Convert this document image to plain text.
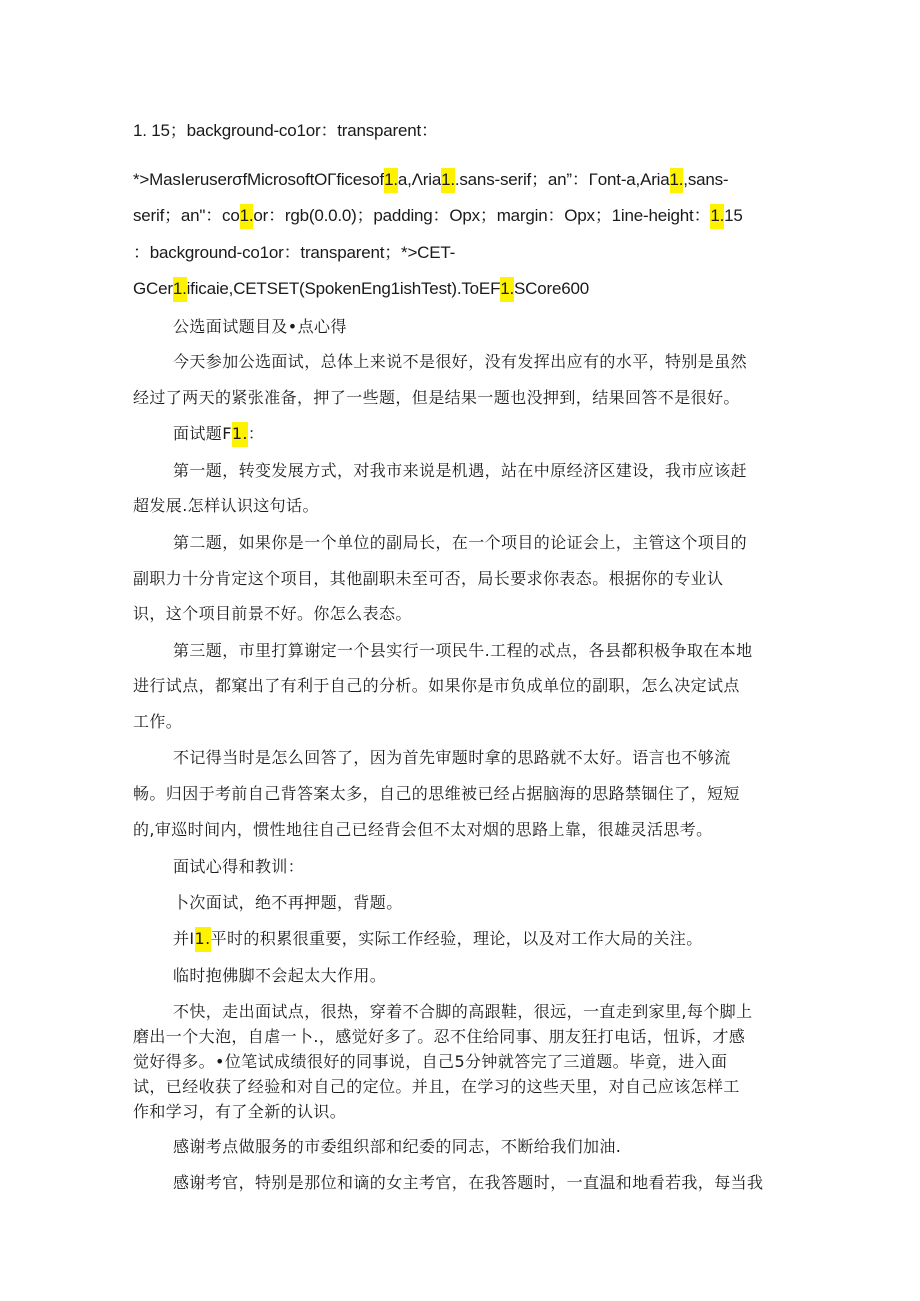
1. 15；background-co1or：transparent：
*>MasIeruserσfMicrosoftOΓficesof1.a,Λria1..sans-serif；an”：Γont-a,Aria1.,sans-
serif；an"：co1.or：rgb(0.0.0)；padding：Opx；margin：Opx；1ine-height：1.15
：background-co1or：transparent；*>CET-
GCer1.ificaie,CETSET(SpokenEng1ishTest).ToEF1.SCore600
公选面试题目及•点心得
今天参加公选面试，总体上来说不是很好，没有发挥出应有的水平，特别是虽然
经过了两天的紧张准备，押了一些题，但是结果一题也没押到，结果回答不是很好。
面试题F1.：
第一题，转变发展方式，对我市来说是机遇，站在中原经济区建设，我市应该赶
超发展.怎样认识这句话。
第二题，如果你是一个单位的副局长，在一个项目的论证会上，主管这个项目的
副职力十分肯定这个项目，其他副职未至可否，局长要求你表态。根据你的专业认
识，这个项目前景不好。你怎么表态。
第三题，市里打算谢定一个县实行一项民牛.工程的忒点，各县都积极争取在本地
进行试点，都窠出了有利于自己的分析。如果你是市负成单位的副职，怎么决定试点
工作。
不记得当时是怎么回答了，因为首先审题时拿的思路就不太好。语言也不够流
畅。归因于考前自己背答案太多，自己的思维被已经占据脑海的思路禁锢住了，短短
的,审巡时间内，惯性地往自己已经背会但不太对烟的思路上靠，很雄灵活思考。
面试心得和教训：
卜次面试，绝不再押题，背题。
并I1.平时的积累很重要，实际工作经验，理论，以及对工作大局的关注。
临时抱佛脚不会起太大作用。
不快，走出面试点，很热，穿着不合脚的高跟鞋，很远，一直走到家里,每个脚上
磨出一个大泡，自虐一卜.，感觉好多了。忍不住给同事、朋友狂打电话，忸诉，才感
觉好得多。•位笔试成绩很好的同事说，自己5分钟就答完了三道题。毕竟，进入面
试，已经收获了经验和对自己的定位。并且，在学习的这些天里，对自己应该怎样工
作和学习，有了全新的认识。
感谢考点做服务的市委组织部和纪委的同志，不断给我们加油.
感谢考官，特别是那位和谪的女主考官，在我答题时，一直温和地看若我，每当我
